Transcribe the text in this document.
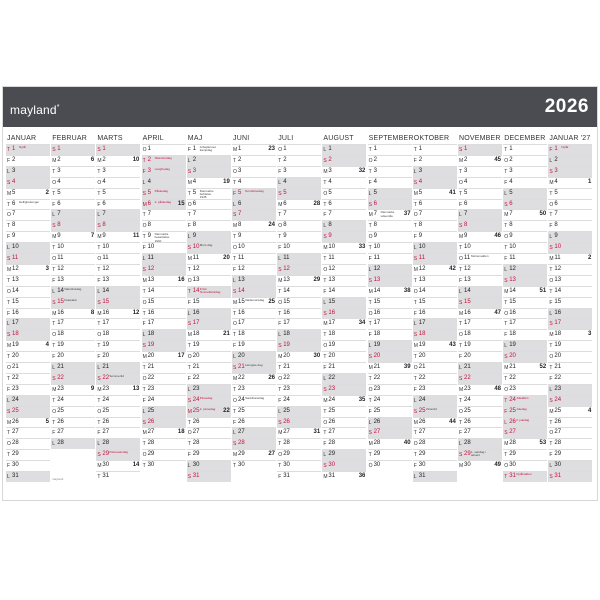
mayland*	2026
JANUAR
T 1 Nytår
F 2
L 3
S 4
M 5	2
T 6 Helligtrekonger
O 7
T 8
F 9
L 10
S 11
M 12	3
T 13
O 14
T 15
F 16
L 17
S 18
M 19	4
T 20
O 21
T 22
F 23
L 24
S 25
M 26	5
T 27
O 28
T 29
F 30
L 31
FEBRUAR
S 1
M 2	6
T 3
O 4
T 5
F 6
L 7
S 8
M 9	7
T 10
O 11
T 12
F 13
L 14 Valentinsdag
S 15 Fastelavn
M 16	8
T 17
O 18
T 19
F 20
L 21
S 22
M 23	9
T 24
O 25
T 26
F 27
L 28
MARTS
S 1
M 2	10
T 3
O 4
T 5
F 6
L 7
S 8
M 9	11
T 10
O 11
T 12
F 13
L 14
S 15
M 16	12
T 17
O 18
T 19
F 20
L 21
S 22 Sommertid
M 23	13
T 24
O 25
T 26
F 27
L 28
S 29 Palmesøndag
M 30	14
T 31
APRIL
O 1
T 2 Skærtorsdag
F 3 Langfredag
L 4
S 5 Påskedag
M 6 2. påskedag 15
T 7
O 8
T 9 Danmarks besættelse 1940
F 10
L 11
S 12
M 13	16
T 14
O 15
T 16
F 17
L 18
S 19
M 20	17
T 21
O 22
T 23
F 24
L 25
S 26
M 27	18
T 28
O 29
T 30
MAJ
F 1 Arbejdernes kampdag
L 2
S 3
M 4	19
T 5 Danmarks befrielse 1945
O 6
T 7
F 8
L 9
S 10 Mors dag
M 11	20
T 12
O 13
T 14 Kristi himmelfartsdag
F 15
L 16
S 17
M 18	21
T 19
O 20
T 21
F 22
L 23
S 24 Pinsedag
M 25 2. pinsedag	22
T 26
O 27
T 28
F 29
L 30
S 31
JUNI
M 1	23
T 2
O 3
T 4
F 5 Grundlovsdag
L 6
S 7
M 8	24
T 9
O 10
T 11
F 12
L 13
S 14
M 15 Valdemarsdag 25
T 16
O 17
T 18
F 19
L 20
S 21 Længste dag
M 22	26
T 23
O 24 Sankthansdag
T 25
F 26
L 27
S 28
M 29	27
T 30
JULI
O 1
T 2
F 3
L 4
S 5
M 6	28
T 7
O 8
T 9
F 10
L 11
S 12
M 13	29
T 14
O 15
T 16
F 17
L 18
S 19
M 20	30
T 21
O 22
T 23
F 24
L 25
S 26
M 27	31
T 28
O 29
T 30
F 31
AUGUST
L 1
S 2
M 3	32
T 4
O 5
T 6
F 7
L 8
S 9
M 10	33
T 11
O 12
T 13
F 14
L 15
S 16
M 17	34
T 18
O 19
T 20
F 21
L 22
S 23
M 24	35
T 25
O 26
T 27
F 28
L 29
S 30
M 31	36
SEPTEMBER
T 1
O 2
T 3
F 4
L 5
S 6
M 7 Danmarks udsendte	37
T 8
O 9
T 10
F 11
L 12
S 13
M 14	38
T 15
O 16
T 17
F 18
L 19
S 20
M 21	39
T 22
O 23
T 24
F 25
L 26
S 27
M 28	40
T 29
O 30
OKTOBER
T 1
F 2
L 3
S 4
M 5	41
T 6
O 7
T 8
F 9
L 10
S 11
M 12	42
T 13
O 14
T 15
F 16
L 17
S 18
M 19	43
T 20
O 21
T 22
F 23
L 24
S 25 Vintertid
M 26	44
T 27
O 28
T 29
F 30
L 31
NOVEMBER
S 1
M 2	45
T 3
O 4
T 5
F 6
L 7
S 8
M 9	46
T 10
O 11 Mortensaften
T 12
F 13
L 14
S 15
M 16	47
T 17
O 18
T 19
F 20
L 21
S 22
M 23	48
T 24
O 25
T 26
F 27
L 28
S 29 1. søndag i advent
M 30	49
DECEMBER
T 1
O 2
T 3
F 4
L 5
S 6
M 7	50
T 8
O 9
T 10
F 11
L 12
S 13
M 14	51
T 15
O 16
T 17
F 18
L 19
S 20
M 21	52
T 22
O 23
T 24 Juleaften
F 25 Juledag
L 26 2. juledag
S 27
M 28	53
T 29
O 30
T 31 Nytårsaften
JANUAR '27
F 1 Nytår
L 2
S 3
M 4	1
T 5
O 6
T 7
F 8
L 9
S 10
M 11	2
T 12
O 13
T 14
F 15
L 16
S 17
M 18	3
T 19
O 20
T 21
F 22
L 23
S 24
M 25	4
T 26
O 27
T 28
F 29
L 30
S 31
mayland
